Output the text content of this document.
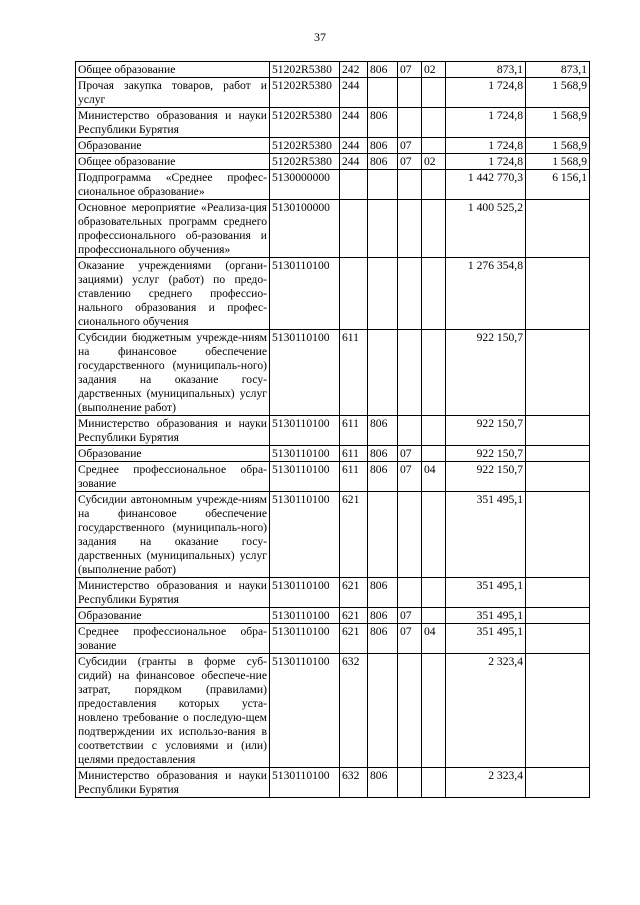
37
Общее образование	51202R5380	242	806	07	02	873,1	873,1
Прочая закупка товаров, работ и услуг	51202R5380	244				1 724,8	1 568,9
Министерство образования и науки Республики Бурятия	51202R5380	244	806			1 724,8	1 568,9
Образование	51202R5380	244	806	07		1 724,8	1 568,9
Общее образование	51202R5380	244	806	07	02	1 724,8	1 568,9
Подпрограмма «Среднее профес-сиональное образование»	5130000000					1 442 770,3	6 156,1
Основное мероприятие «Реализа-ция образовательных программ среднего профессионального об-разования и профессионального обучения»	5130100000					1 400 525,2	
Оказание учреждениями (органи-зациями) услуг (работ) по предо-ставлению среднего профессио-нального образования и профес-сионального обучения	5130110100					1 276 354,8	
Субсидии бюджетным учрежде-ниям на финансовое обеспечение государственного (муниципаль-ного) задания на оказание госу-дарственных (муниципальных) услуг (выполнение работ)	5130110100	611				922 150,7	
Министерство образования и науки Республики Бурятия	5130110100	611	806			922 150,7	
Образование	5130110100	611	806	07		922 150,7	
Среднее профессиональное обра-зование	5130110100	611	806	07	04	922 150,7	
Субсидии автономным учрежде-ниям на финансовое обеспечение государственного (муниципаль-ного) задания на оказание госу-дарственных (муниципальных) услуг (выполнение работ)	5130110100	621				351 495,1	
Министерство образования и науки Республики Бурятия	5130110100	621	806			351 495,1	
Образование	5130110100	621	806	07		351 495,1	
Среднее профессиональное обра-зование	5130110100	621	806	07	04	351 495,1	
Субсидии (гранты в форме суб-сидий) на финансовое обеспече-ние затрат, порядком (правилами) предоставления которых уста-новлено требование о последую-щем подтверждении их использо-вания в соответствии с условиями и (или) целями предоставления	5130110100	632				2 323,4	
Министерство образования и науки Республики Бурятия	5130110100	632	806			2 323,4	
